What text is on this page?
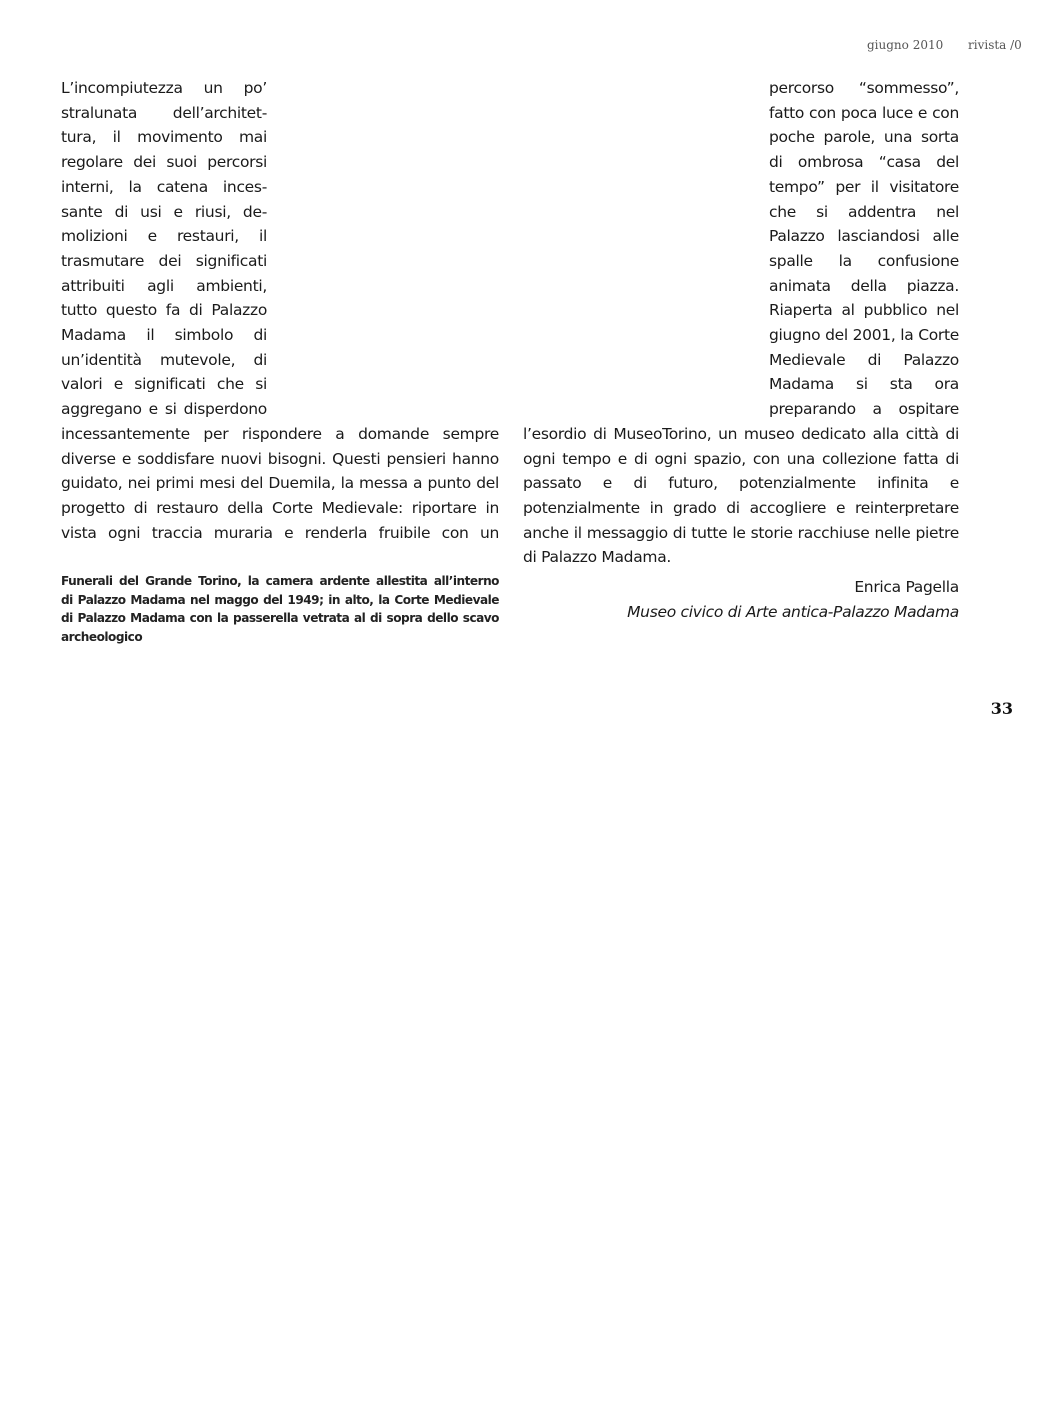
giugno 2010 rivista /0
L’incompiutezza un po’
stralunata dell’architet-
tura, il movimento mai
regolare dei suoi percorsi
interni, la catena inces-
sante di usi e riusi, de-
molizioni e restauri, il
trasmutare dei significati
attribuiti agli ambienti,
tutto questo fa di Palazzo
Madama il simbolo di
un’identità mutevole, di
valori e significati che si
aggregano e si disperdono
incessantemente per rispondere a domande sempre
diverse e soddisfare nuovi bisogni. Questi pensieri hanno
guidato, nei primi mesi del Duemila, la messa a punto del
progetto di restauro della Corte Medievale: riportare in
vista ogni traccia muraria e renderla fruibile con un
percorso “sommesso”,
fatto con poca luce e con
poche parole, una sorta
di ombrosa “casa del
tempo” per il visitatore
che si addentra nel
Palazzo lasciandosi alle
spalle la confusione
animata della piazza.
Riaperta al pubblico nel
giugno del 2001, la Corte
Medievale di Palazzo
Madama si sta ora
preparando a ospitare
l’esordio di MuseoTorino, un museo dedicato alla città di
ogni tempo e di ogni spazio, con una collezione fatta di
passato e di futuro, potenzialmente infinita e
potenzialmente in grado di accogliere e reinterpretare
anche il messaggio di tutte le storie racchiuse nelle pietre
di Palazzo Madama.
Funerali del Grande Torino, la camera ardente allestita all’interno
di Palazzo Madama nel maggo del 1949; in alto, la Corte Medievale
di Palazzo Madama con la passerella vetrata al di sopra dello scavo
archeologico
Enrica Pagella
Museo civico di Arte antica-Palazzo Madama
33
